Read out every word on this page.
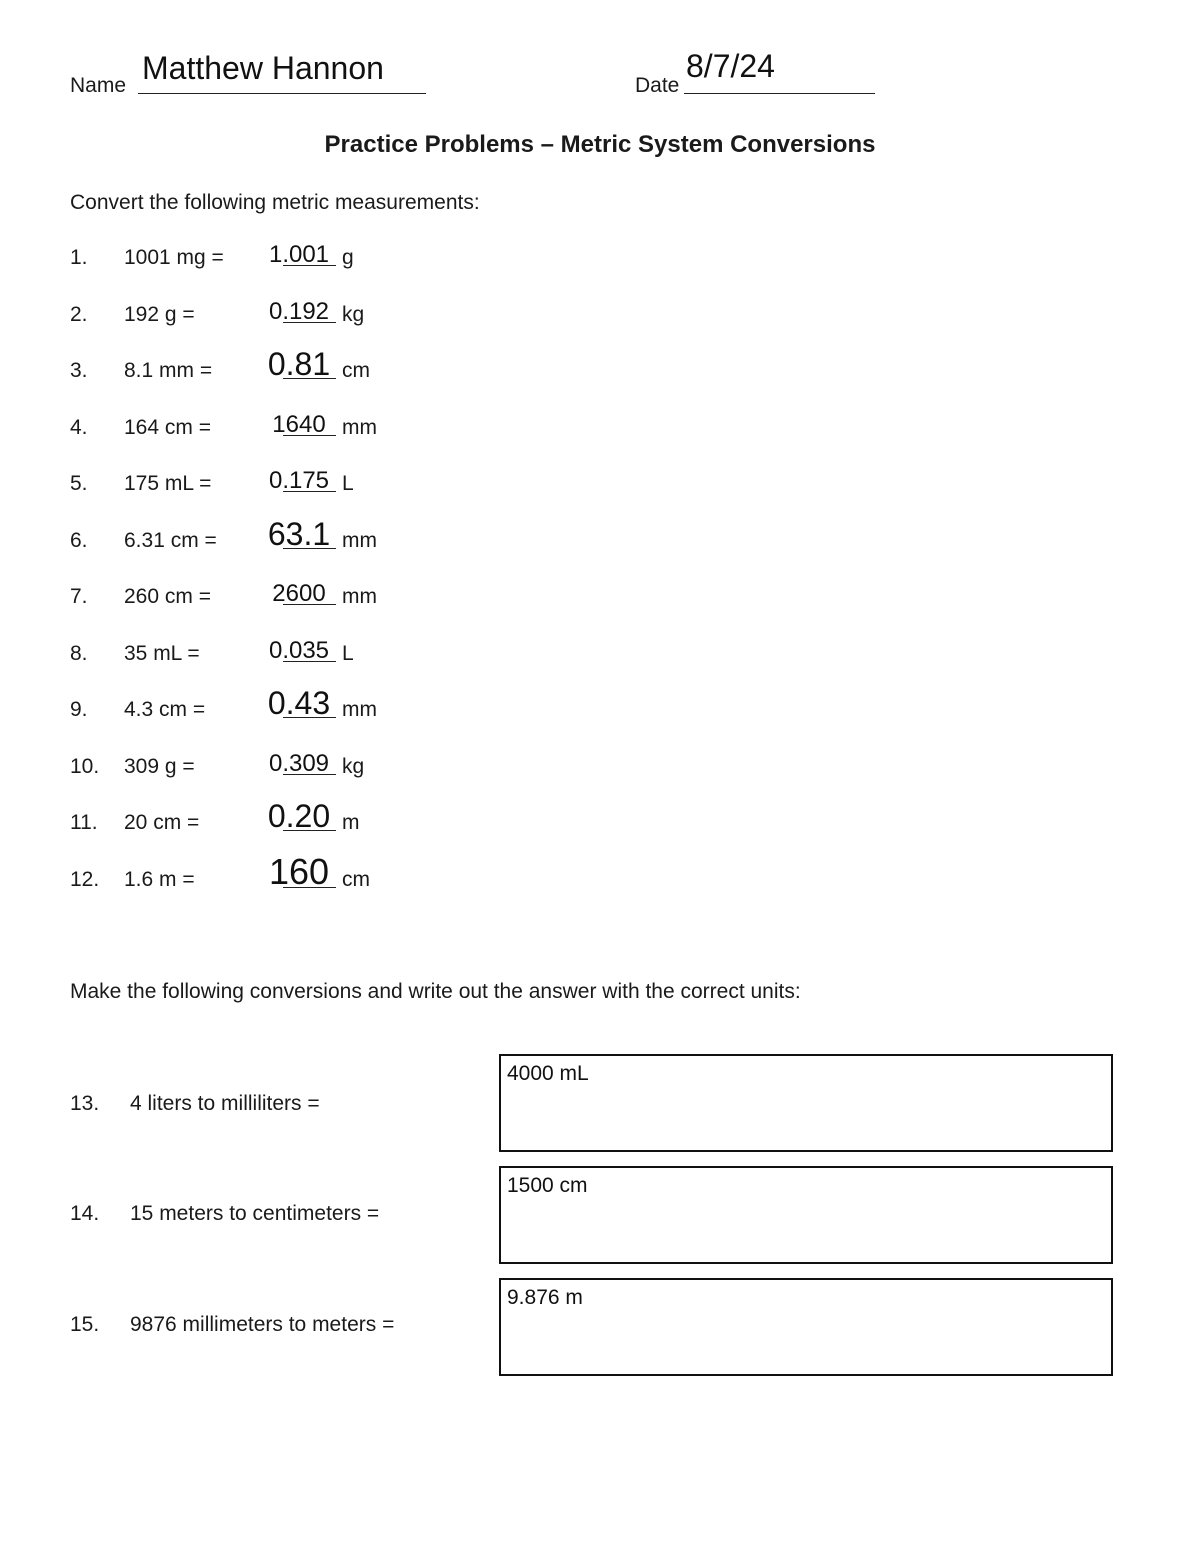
Name Matthew Hannon	Date
8/7/24
Practice Problems – Metric System Conversions
Convert the following metric measurements:
1. 1001 mg = 1.001 g
2. 192 g =	0.192 kg
3. 8.1 mm = 0.81 cm
4. 164 cm =	1640 mm
5. 175 mL = 0.175 L
6. 6.31 cm = 63.1 mm
7. 260 cm =	2600 mm
8. 35 mL =	0.035 L
9. 4.3 cm = 0.43 mm
10. 309 g =	0.309 kg
11. 20 cm = 0.20 m
12. 1.6 m = 160 cm
Make the following conversions and write out the answer with the correct units:
13. 4 liters to milliliters =
4000 mL
14. 15 meters to centimeters =
1500 cm
15. 9876 millimeters to meters =
9.876 m
